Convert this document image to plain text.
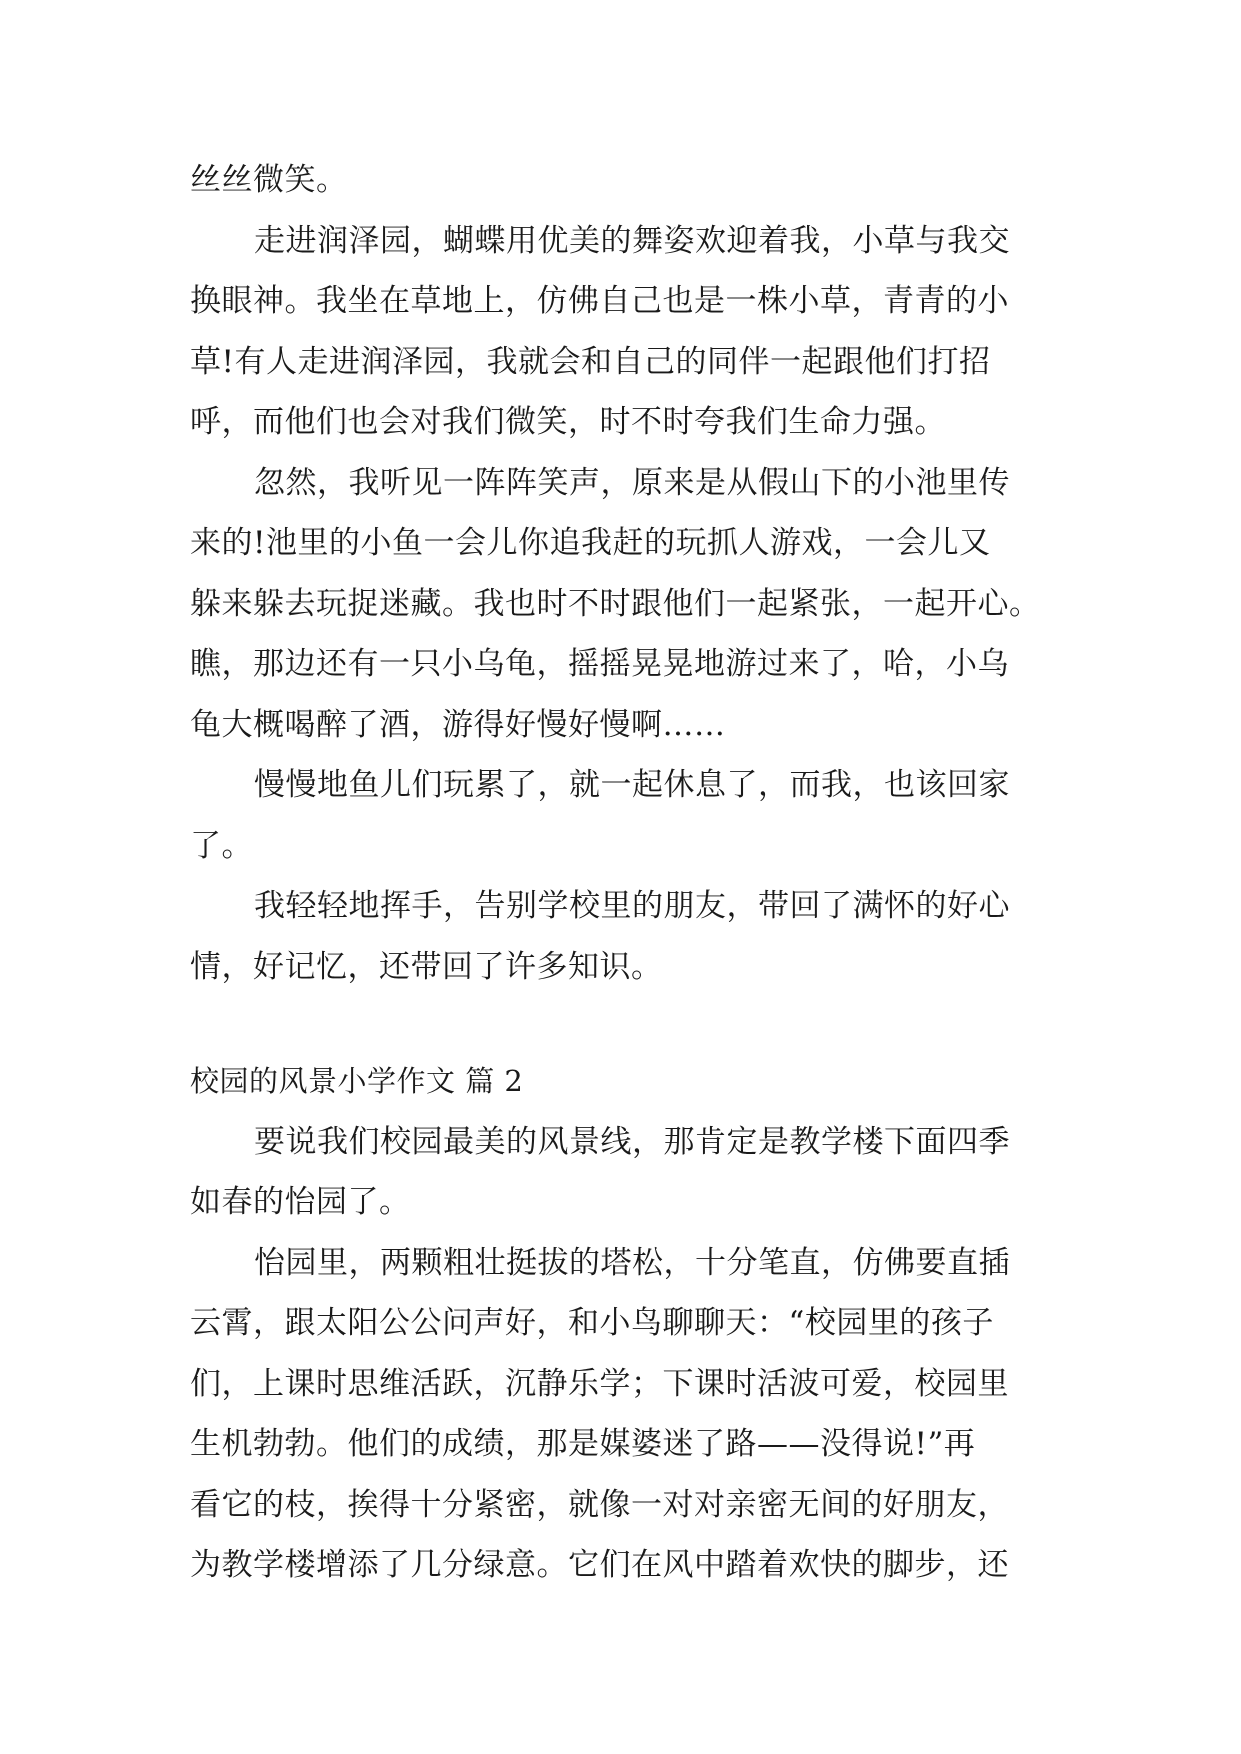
丝丝微笑。
走进润泽园，蝴蝶用优美的舞姿欢迎着我，小草与我交
换眼神。我坐在草地上，仿佛自己也是一株小草，青青的小
草!有人走进润泽园，我就会和自己的同伴一起跟他们打招
呼，而他们也会对我们微笑，时不时夸我们生命力强。
忽然，我听见一阵阵笑声，原来是从假山下的小池里传
来的!池里的小鱼一会儿你追我赶的玩抓人游戏，一会儿又
躲来躲去玩捉迷藏。我也时不时跟他们一起紧张，一起开心。
瞧，那边还有一只小乌龟，摇摇晃晃地游过来了，哈，小乌
龟大概喝醉了酒，游得好慢好慢啊……
慢慢地鱼儿们玩累了，就一起休息了，而我，也该回家
了。
我轻轻地挥手，告别学校里的朋友，带回了满怀的好心
情，好记忆，还带回了许多知识。
校园的风景小学作文 篇 2
要说我们校园最美的风景线，那肯定是教学楼下面四季
如春的怡园了。
怡园里，两颗粗壮挺拔的塔松，十分笔直，仿佛要直插
云霄，跟太阳公公问声好，和小鸟聊聊天：“校园里的孩子
们，上课时思维活跃，沉静乐学；下课时活波可爱，校园里
生机勃勃。他们的成绩，那是媒婆迷了路——没得说!”再
看它的枝，挨得十分紧密，就像一对对亲密无间的好朋友，
为教学楼增添了几分绿意。它们在风中踏着欢快的脚步，还
